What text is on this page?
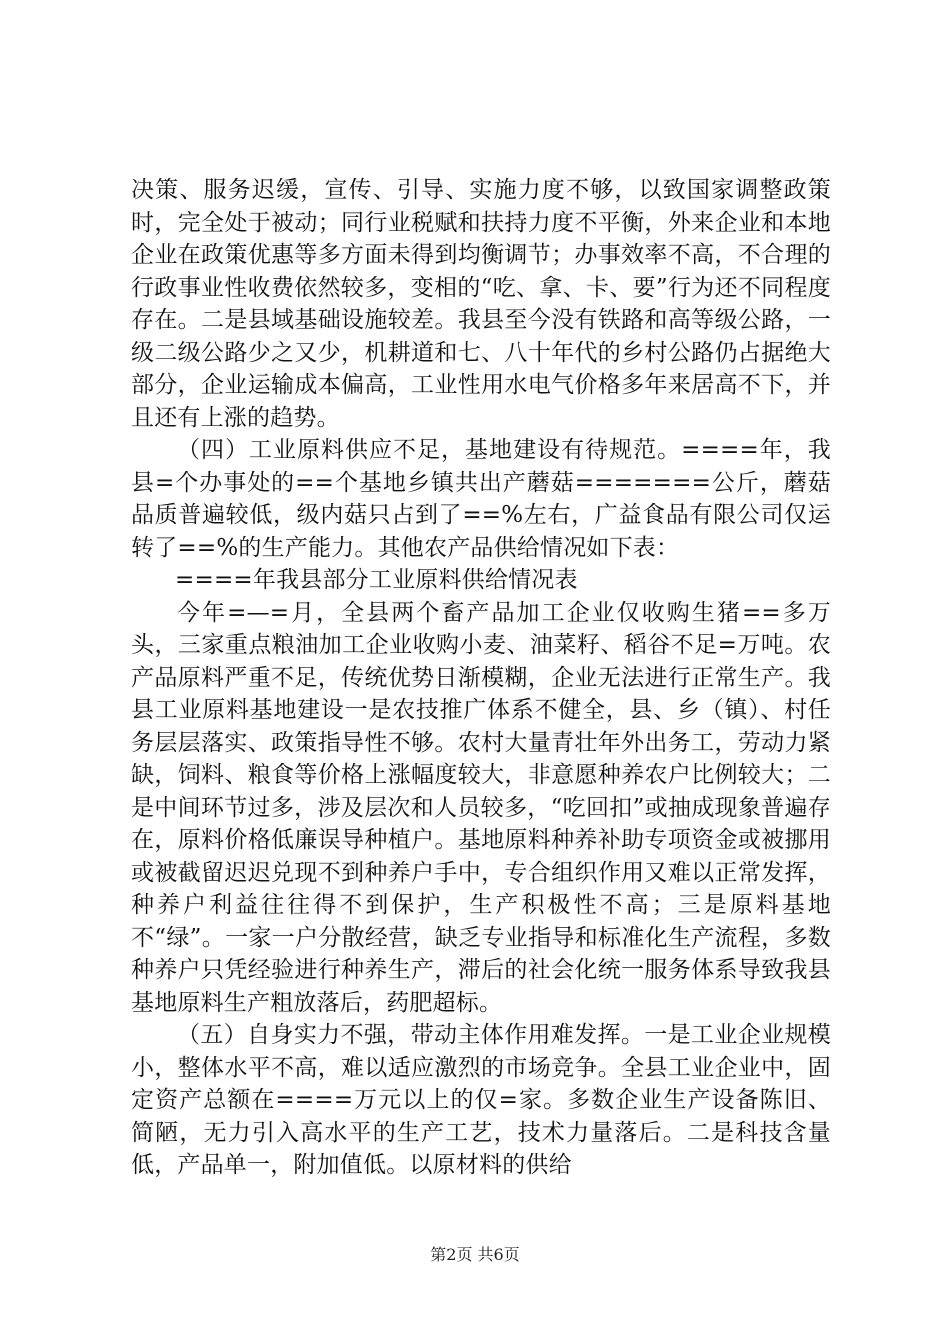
决策、服务迟缓，宣传、引导、实施力度不够，以致国家调整政策时，完全处于被动；同行业税赋和扶持力度不平衡，外来企业和本地企业在政策优惠等多方面未得到均衡调节；办事效率不高，不合理的行政事业性收费依然较多，变相的“吃、拿、卡、要”行为还不同程度存在。二是县域基础设施较差。我县至今没有铁路和高等级公路，一级二级公路少之又少，机耕道和七、八十年代的乡村公路仍占据绝大部分，企业运输成本偏高，工业性用水电气价格多年来居高不下，并且还有上涨的趋势。

（四）工业原料供应不足，基地建设有待规范。====年，我县=个办事处的==个基地乡镇共出产蘑菇=======公斤，蘑菇品质普遍较低，级内菇只占到了==%左右，广益食品有限公司仅运转了==%的生产能力。其他农产品供给情况如下表：

====年我县部分工业原料供给情况表

今年=—=月，全县两个畜产品加工企业仅收购生猪==多万头，三家重点粮油加工企业收购小麦、油菜籽、稻谷不足=万吨。农产品原料严重不足，传统优势日渐模糊，企业无法进行正常生产。我县工业原料基地建设一是农技推广体系不健全，县、乡（镇）、村任务层层落实、政策指导性不够。农村大量青壮年外出务工，劳动力紧缺，饲料、粮食等价格上涨幅度较大，非意愿种养农户比例较大；二是中间环节过多，涉及层次和人员较多，“吃回扣”或抽成现象普遍存在，原料价格低廉误导种植户。基地原料种养补助专项资金或被挪用或被截留迟迟兑现不到种养户手中，专合组织作用又难以正常发挥，种养户利益往往得不到保护，生产积极性不高；三是原料基地不“绿”。一家一户分散经营，缺乏专业指导和标准化生产流程，多数种养户只凭经验进行种养生产，滞后的社会化统一服务体系导致我县基地原料生产粗放落后，药肥超标。

（五）自身实力不强，带动主体作用难发挥。一是工业企业规模小，整体水平不高，难以适应激烈的市场竞争。全县工业企业中，固定资产总额在====万元以上的仅=家。多数企业生产设备陈旧、简陋，无力引入高水平的生产工艺，技术力量落后。二是科技含量低，产品单一，附加值低。以原材料的供给

第2页 共6页
